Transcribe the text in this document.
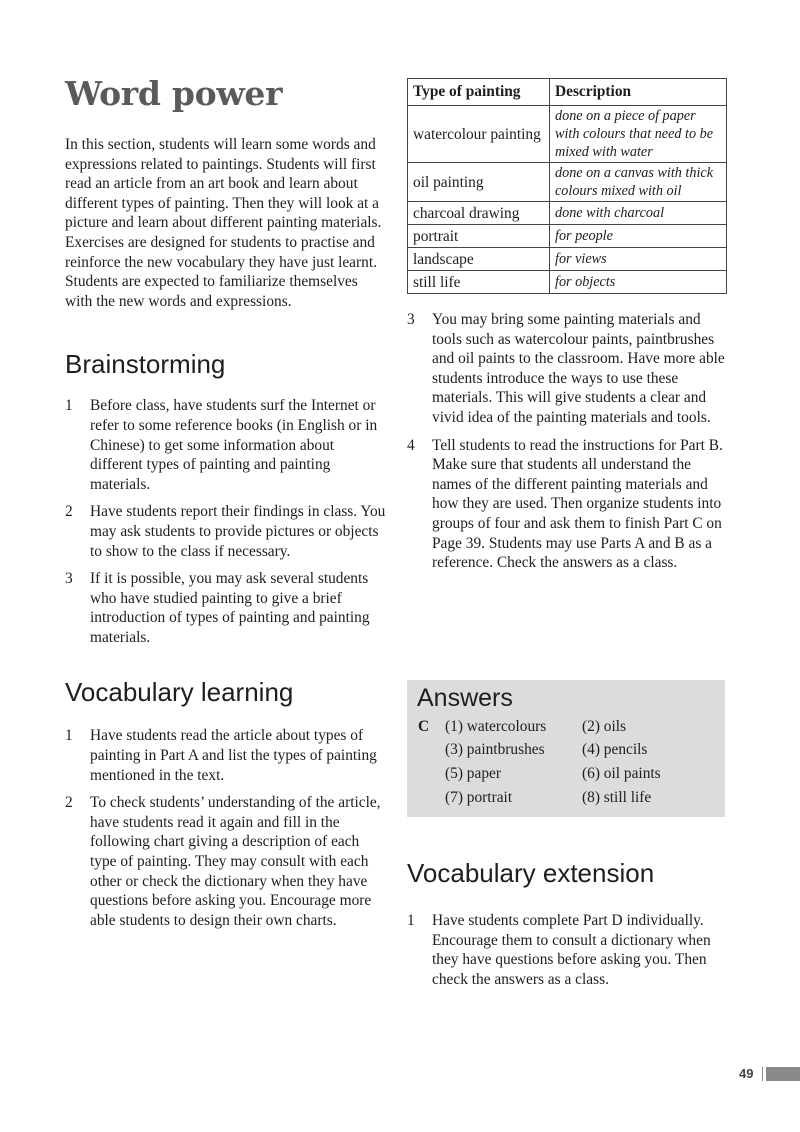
Word power

In this section, students will learn some words and expressions related to paintings. Students will first read an article from an art book and learn about different types of painting. Then they will look at a picture and learn about different painting materials. Exercises are designed for students to practise and reinforce the new vocabulary they have just learnt. Students are expected to familiarize themselves with the new words and expressions.

Brainstorming
1 Before class, have students surf the Internet or refer to some reference books (in English or in Chinese) to get some information about different types of painting and painting materials.
2 Have students report their findings in class. You may ask students to provide pictures or objects to show to the class if necessary.
3 If it is possible, you may ask several students who have studied painting to give a brief introduction of types of painting and painting materials.
Vocabulary learning
1 Have students read the article about types of painting in Part A and list the types of painting mentioned in the text.
2 To check students’ understanding of the article, have students read it again and fill in the following chart giving a description of each type of painting. They may consult with each other or check the dictionary when they have questions before asking you. Encourage more able students to design their own charts.
Type of painting	Description
watercolour painting	done on a piece of paper with colours that need to be mixed with water
oil painting	done on a canvas with thick colours mixed with oil
charcoal drawing	done with charcoal
portrait	for people
landscape	for views
still life	for objects
3 You may bring some painting materials and tools such as watercolour paints, paintbrushes and oil paints to the classroom. Have more able students introduce the ways to use these materials. This will give students a clear and vivid idea of the painting materials and tools.
4 Tell students to read the instructions for Part B. Make sure that students all understand the names of the different painting materials and how they are used. Then organize students into groups of four and ask them to finish Part C on Page 39. Students may use Parts A and B as a reference. Check the answers as a class.
Answers
C (1) watercolours (2) oils
(3) paintbrushes (4) pencils
(5) paper	(6) oil paints
(7) portrait	(8) still life
Vocabulary extension
1 Have students complete Part D individually. Encourage them to consult a dictionary when they have questions before asking you. Then check the answers as a class.
49
